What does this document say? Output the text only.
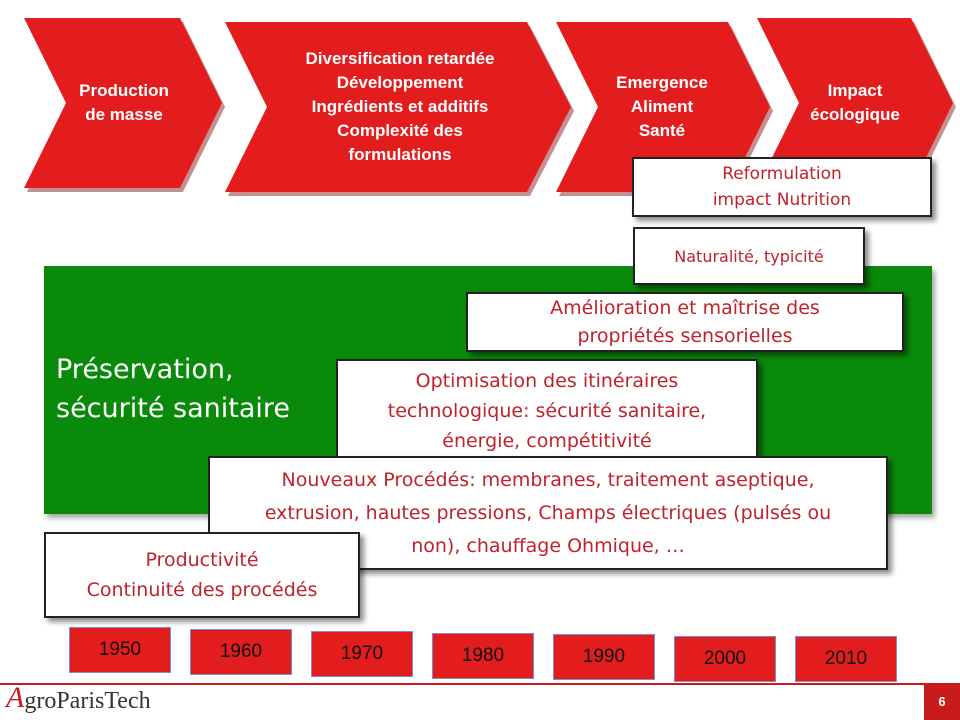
Production
de masse
Diversification retardée
Développement
Ingrédients et additifs
Complexité des
formulations
Emergence
Aliment
Santé
Impact
écologique
Préservation,
sécurité sanitaire
Reformulation
impact Nutrition
Naturalité, typicité
Amélioration et maîtrise des
propriétés sensorielles
Optimisation des itinéraires
technologique: sécurité sanitaire,
énergie, compétitivité
Nouveaux Procédés: membranes, traitement aseptique,
extrusion, hautes pressions, Champs électriques (pulsés ou
non), chauffage Ohmique, …
Productivité
Continuité des procédés
1950	1960	1970	1980	1990	2000	2010
A groParisTech	6
